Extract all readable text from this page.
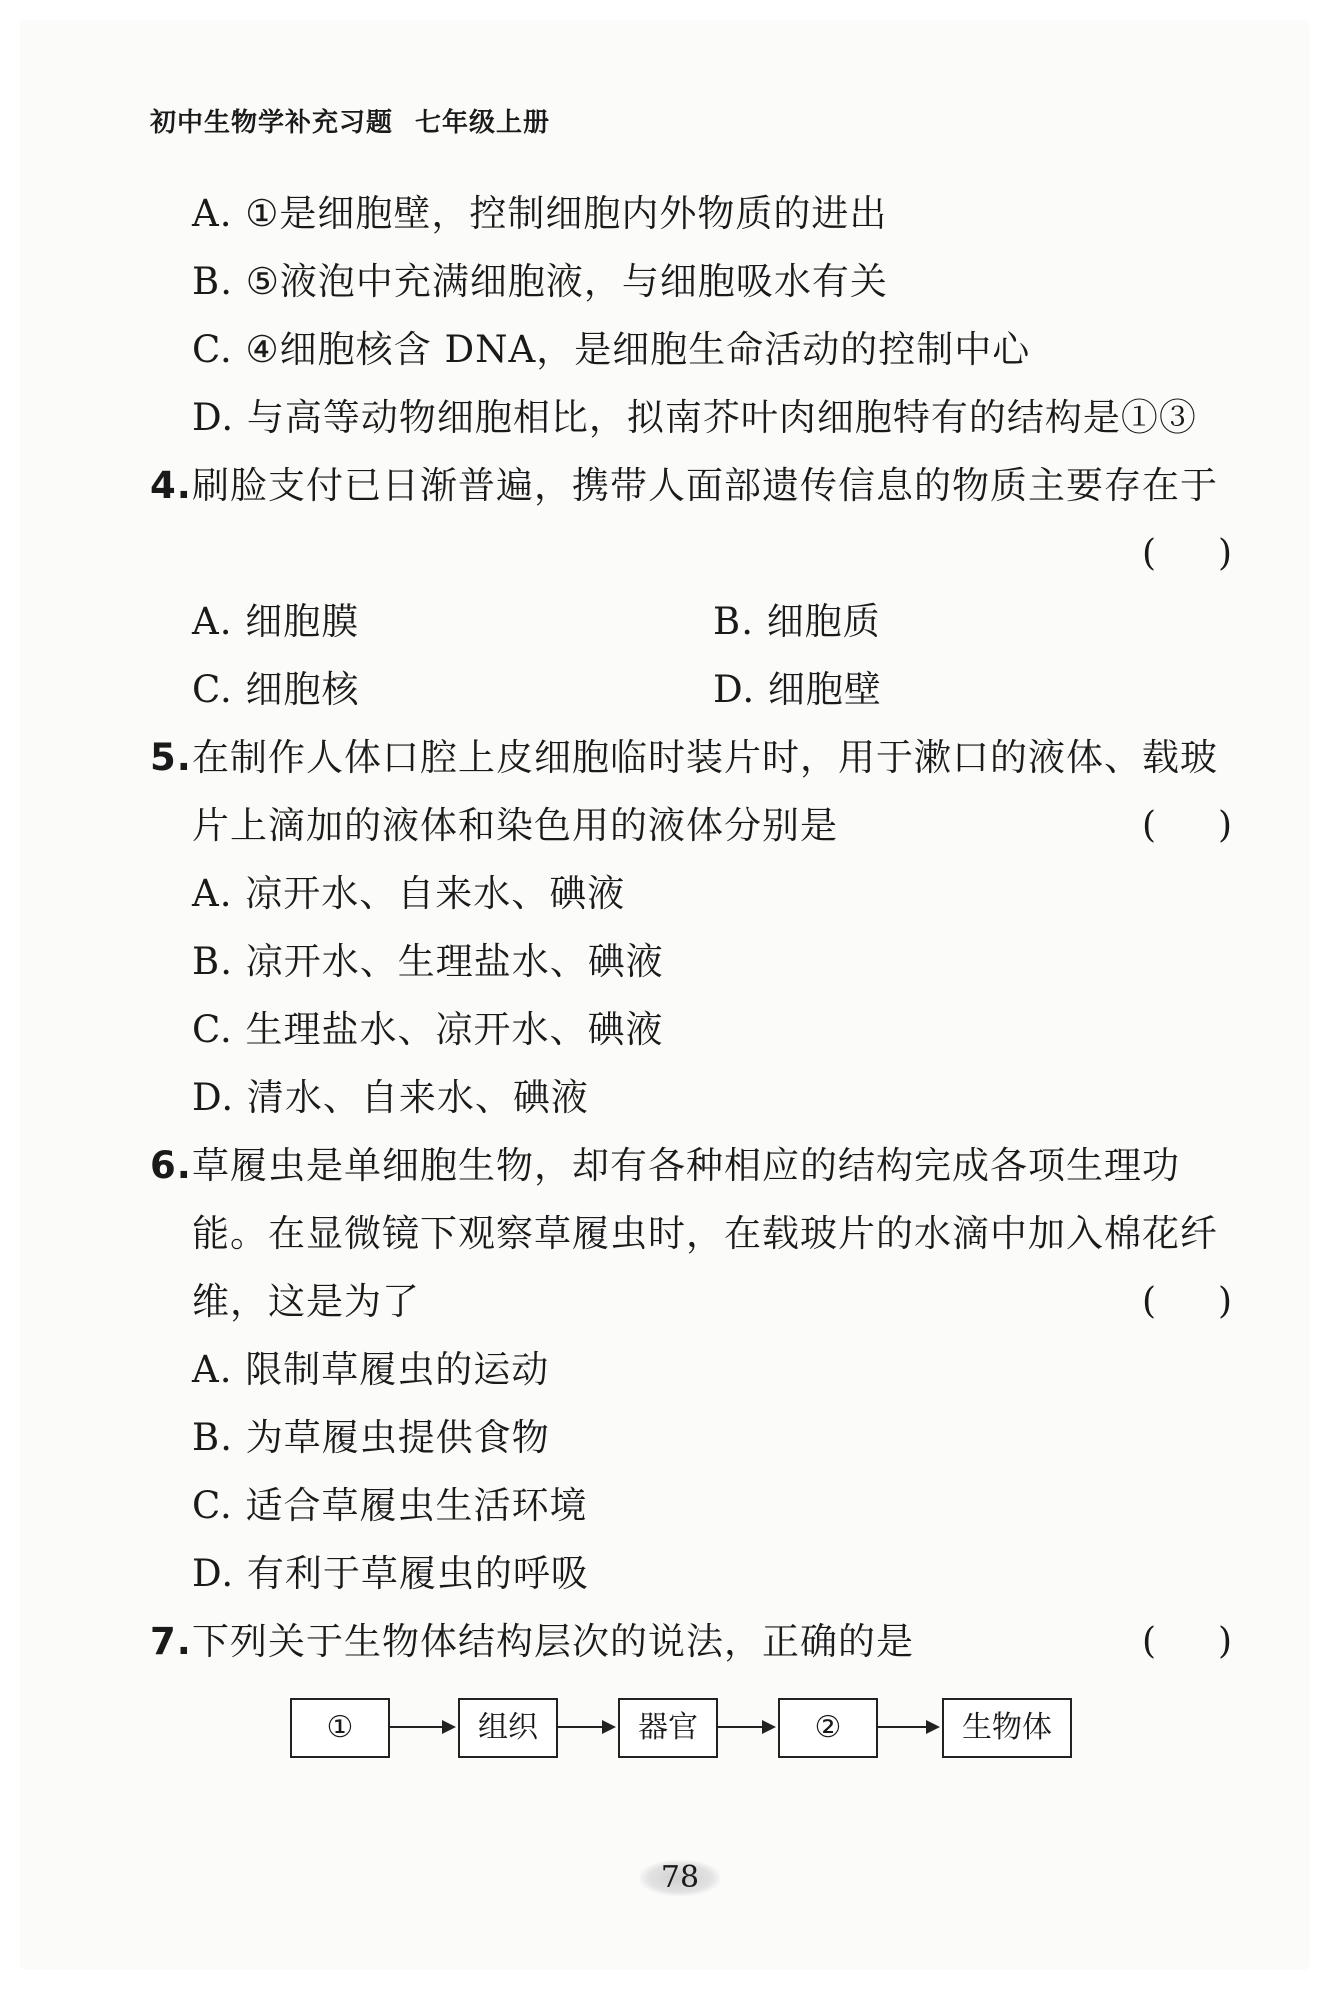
初中生物学补充习题 七年级上册
A. ①是细胞壁，控制细胞内外物质的进出
B. ⑤液泡中充满细胞液，与细胞吸水有关
C. ④细胞核含 DNA，是细胞生命活动的控制中心
D. 与高等动物细胞相比，拟南芥叶肉细胞特有的结构是①③
4.刷脸支付已日渐普遍，携带人面部遗传信息的物质主要存在于
( )
A. 细胞膜	B. 细胞质
C. 细胞核	D. 细胞壁
5.在制作人体口腔上皮细胞临时装片时，用于漱口的液体、载玻
片上滴加的液体和染色用的液体分别是	( )
A. 凉开水、自来水、碘液
B. 凉开水、生理盐水、碘液
C. 生理盐水、凉开水、碘液
D. 清水、自来水、碘液
6.草履虫是单细胞生物，却有各种相应的结构完成各项生理功
能。在显微镜下观察草履虫时，在载玻片的水滴中加入棉花纤
维，这是为了	( )
A. 限制草履虫的运动
B. 为草履虫提供食物
C. 适合草履虫生活环境
D. 有利于草履虫的呼吸
7.下列关于生物体结构层次的说法，正确的是	( )
①	组织	器官	②	生物体
78
